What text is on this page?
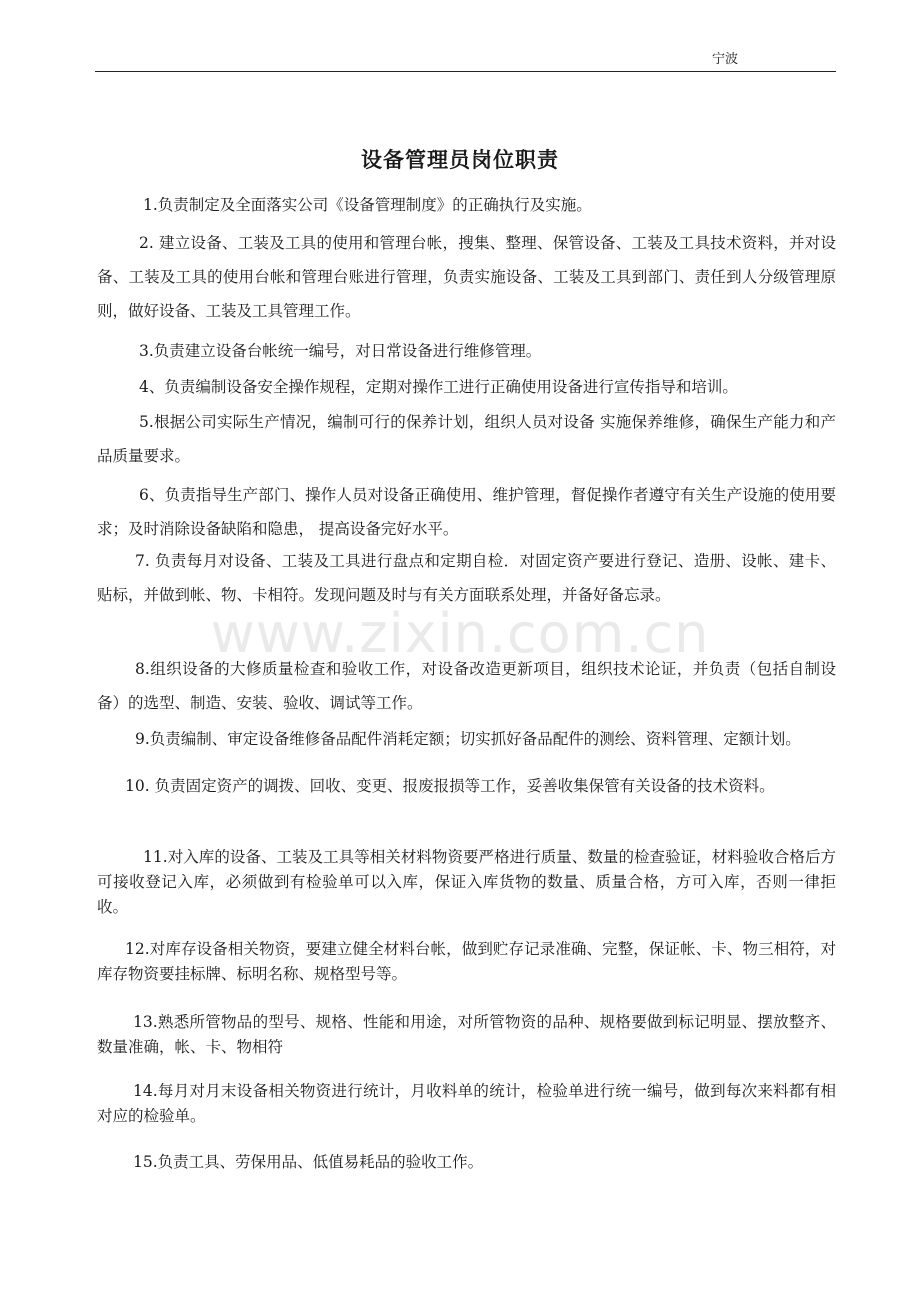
宁波
设备管理员岗位职责
www.zixin.com.cn
1.负责制定及全面落实公司《设备管理制度》的正确执行及实施。
2. 建立设备、工装及工具的使用和管理台帐，搜集、整理、保管设备、工装及工具技术资料，并对设备、工装及工具的使用台帐和管理台账进行管理，负责实施设备、工装及工具到部门、责任到人分级管理原则，做好设备、工装及工具管理工作。
3.负责建立设备台帐统一编号，对日常设备进行维修管理。
4、负责编制设备安全操作规程，定期对操作工进行正确使用设备进行宣传指导和培训。
5.根据公司实际生产情况，编制可行的保养计划，组织人员对设备 实施保养维修，确保生产能力和产品质量要求。
6、负责指导生产部门、操作人员对设备正确使用、维护管理，督促操作者遵守有关生产设施的使用要求；及时消除设备缺陷和隐患， 提高设备完好水平。
7. 负责每月对设备、工装及工具进行盘点和定期自检．对固定资产要进行登记、造册、设帐、建卡、贴标，并做到帐、物、卡相符。发现问题及时与有关方面联系处理，并备好备忘录。
8.组织设备的大修质量检查和验收工作，对设备改造更新项目，组织技术论证，并负责（包括自制设备）的选型、制造、安装、验收、调试等工作。
9.负责编制、审定设备维修备品配件消耗定额；切实抓好备品配件的测绘、资料管理、定额计划。
10. 负责固定资产的调拨、回收、变更、报废报损等工作，妥善收集保管有关设备的技术资料。
11.对入库的设备、工装及工具等相关材料物资要严格进行质量、数量的检查验证，材料验收合格后方可接收登记入库，必须做到有检验单可以入库，保证入库货物的数量、质量合格，方可入库，否则一律拒收。
12.对库存设备相关物资，要建立健全材料台帐，做到贮存记录准确、完整，保证帐、卡、物三相符，对库存物资要挂标牌、标明名称、规格型号等。
13.熟悉所管物品的型号、规格、性能和用途，对所管物资的品种、规格要做到标记明显、摆放整齐、数量准确，帐、卡、物相符
14.每月对月末设备相关物资进行统计，月收料单的统计，检验单进行统一编号，做到每次来料都有相对应的检验单。
15.负责工具、劳保用品、低值易耗品的验收工作。
